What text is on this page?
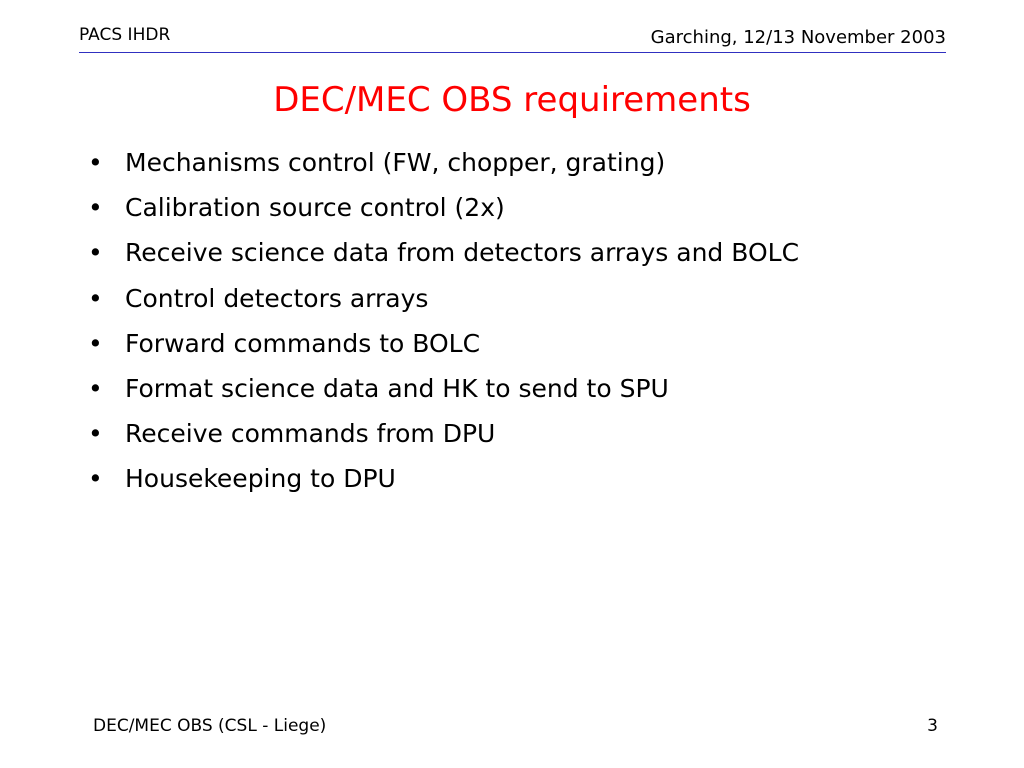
PACS IHDR	Garching, 12/13 November 2003
DEC/MEC OBS requirements
• Mechanisms control (FW, chopper, grating)
• Calibration source control (2x)
• Receive science data from detectors arrays and BOLC
• Control detectors arrays
• Forward commands to BOLC
• Format science data and HK to send to SPU
• Receive commands from DPU
• Housekeeping to DPU
DEC/MEC OBS (CSL - Liege)	3
